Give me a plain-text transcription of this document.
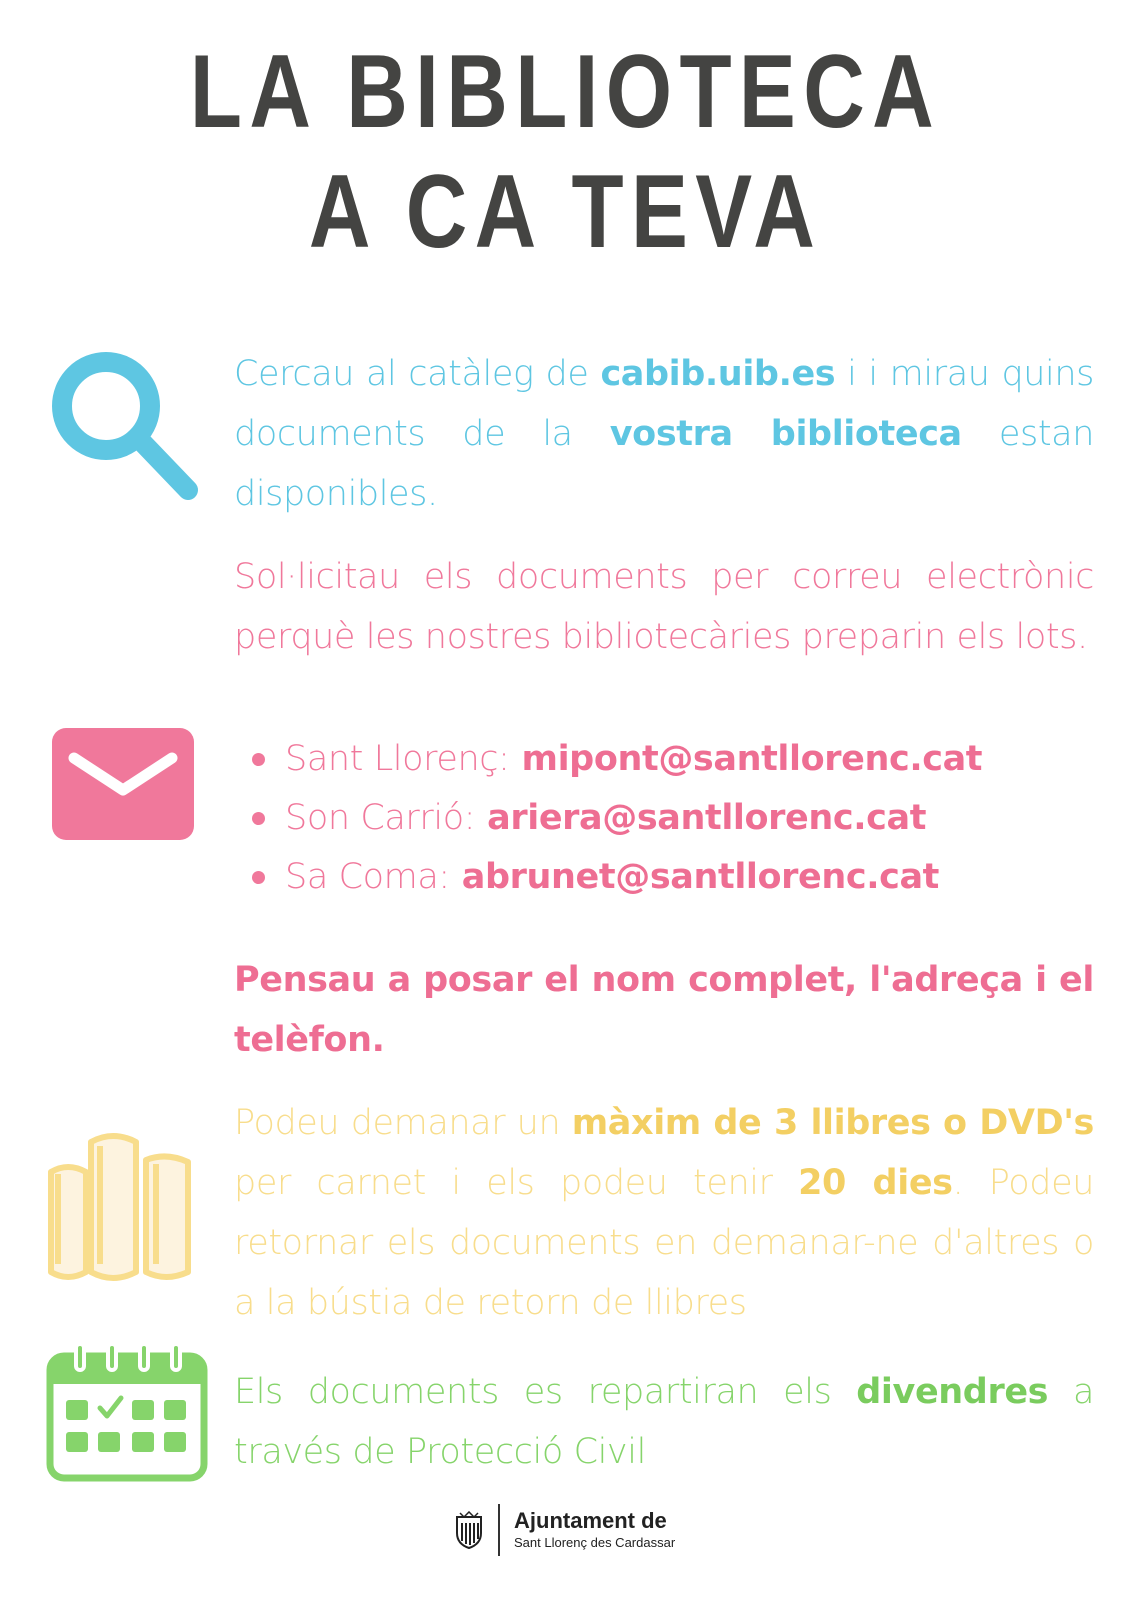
LA BIBLIOTECA
A CA TEVA
Cercau al catàleg de cabib.uib.es i i mirau quins documents de la vostra biblioteca estan disponibles.
Sol·licitau els documents per correu electrònic perquè les nostres bibliotecàries preparin els lots.
Sant Llorenç: mipont@santllorenc.cat
Son Carrió: ariera@santllorenc.cat
Sa Coma: abrunet@santllorenc.cat
Pensau a posar el nom complet, l'adreça i el telèfon.
Podeu demanar un màxim de 3 llibres o DVD's per carnet i els podeu tenir 20 dies. Podeu retornar els documents en demanar-ne d'altres o a la bústia de retorn de llibres
Els documents es repartiran els divendres a través de Protecció Civil
Ajuntament de
Sant Llorenç des Cardassar
